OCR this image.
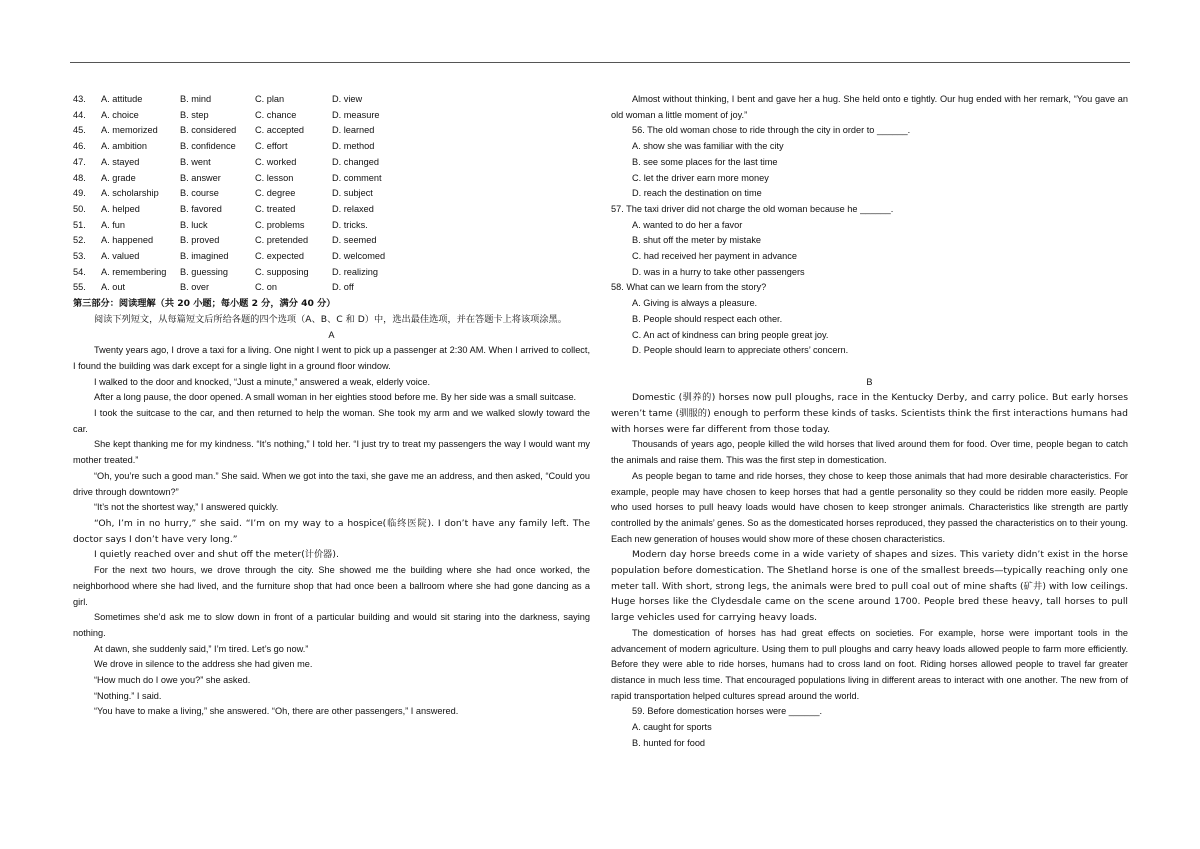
43.	A. attitude	B. mind	C. plan	D. view
44.	A. choice	B. step	C. chance	D. measure
45.	A. memorized	B. considered	C. accepted	D. learned
46.	A. ambition	B. confidence	C. effort	D. method
47.	A. stayed	B. went	C. worked	D. changed
48.	A. grade	B. answer	C. lesson	D. comment
49.	A. scholarship	B. course	C. degree	D. subject
50.	A. helped	B. favored	C. treated	D. relaxed
51.	A. fun	B. luck	C. problems	D. tricks.
52.	A. happened	B. proved	C. pretended	D. seemed
53.	A. valued	B. imagined	C. expected	D. welcomed
54.	A. remembering	B. guessing	C. supposing	D. realizing
55.	A. out	B. over	C. on	D. off
第三部分：阅读理解（共 20 小题；每小题 2 分，满分 40 分）
阅读下列短文，从每篇短文后所给各题的四个选项（A、B、C 和 D）中，选出最佳选项，并在答题卡上将该项涂黑。
A
Twenty years ago, I drove a taxi for a living. One night I went to pick up a passenger at 2:30 AM. When I arrived to collect, I found the building was dark except for a single light in a ground floor window.
I walked to the door and knocked, “Just a minute,” answered a weak, elderly voice.
After a long pause, the door opened. A small woman in her eighties stood before me. By her side was a small suitcase.
I took the suitcase to the car, and then returned to help the woman. She took my arm and we walked slowly toward the car.
She kept thanking me for my kindness. “It’s nothing,” I told her. “I just try to treat my passengers the way I would want my mother treated.”
“Oh, you’re such a good man.” She said. When we got into the taxi, she gave me an address, and then asked, “Could you drive through downtown?”
“It’s not the shortest way,” I answered quickly.
“Oh, I’m in no hurry,” she said. “I’m on my way to a hospice(临终医院). I don’t have any family left. The doctor says I don’t have very long.”
I quietly reached over and shut off the meter(计价器).
For the next two hours, we drove through the city. She showed me the building where she had once worked, the neighborhood where she had lived, and the furniture shop that had once been a ballroom where she had gone dancing as a girl.
Sometimes she’d ask me to slow down in front of a particular building and would sit staring into the darkness, saying nothing.
At dawn, she suddenly said,” I’m tired. Let’s go now.”
We drove in silence to the address she had given me.
“How much do I owe you?” she asked.
“Nothing.” I said.
“You have to make a living,” she answered. “Oh, there are other passengers,” I answered.
Almost without thinking, I bent and gave her a hug. She held onto e tightly. Our hug ended with her remark, “You gave an old woman a little moment of joy.”
56. The old woman chose to ride through the city in order to ______.
A. show she was familiar with the city
B. see some places for the last time
C. let the driver earn more money
D. reach the destination on time
57. The taxi driver did not charge the old woman because he ______.
A. wanted to do her a favor
B. shut off the meter by mistake
C. had received her payment in advance
D. was in a hurry to take other passengers
58. What can we learn from the story?
A. Giving is always a pleasure.
B. People should respect each other.
C. An act of kindness can bring people great joy.
D. People should learn to appreciate others’ concern.
B
Domestic (驯养的) horses now pull ploughs, race in the Kentucky Derby, and carry police. But early horses weren’t tame (驯服的) enough to perform these kinds of tasks. Scientists think the first interactions humans had with horses were far different from those today.
Thousands of years ago, people killed the wild horses that lived around them for food. Over time, people began to catch the animals and raise them. This was the first step in domestication.
As people began to tame and ride horses, they chose to keep those animals that had more desirable characteristics. For example, people may have chosen to keep horses that had a gentle personality so they could be ridden more easily. People who used horses to pull heavy loads would have chosen to keep stronger animals. Characteristics like strength are partly controlled by the animals’ genes. So as the domesticated horses reproduced, they passed the characteristics on to their young. Each new generation of houses would show more of these chosen characteristics.
Modern day horse breeds come in a wide variety of shapes and sizes. This variety didn’t exist in the horse population before domestication. The Shetland horse is one of the smallest breeds—typically reaching only one meter tall. With short, strong legs, the animals were bred to pull coal out of mine shafts (矿井) with low ceilings. Huge horses like the Clydesdale came on the scene around 1700. People bred these heavy, tall horses to pull large vehicles used for carrying heavy loads.
The domestication of horses has had great effects on societies. For example, horse were important tools in the advancement of modern agriculture. Using them to pull ploughs and carry heavy loads allowed people to farm more efficiently. Before they were able to ride horses, humans had to cross land on foot. Riding horses allowed people to travel far greater distance in much less time. That encouraged populations living in different areas to interact with one another. The new from of rapid transportation helped cultures spread around the world.
59. Before domestication horses were ______.
A. caught for sports
B. hunted for food
